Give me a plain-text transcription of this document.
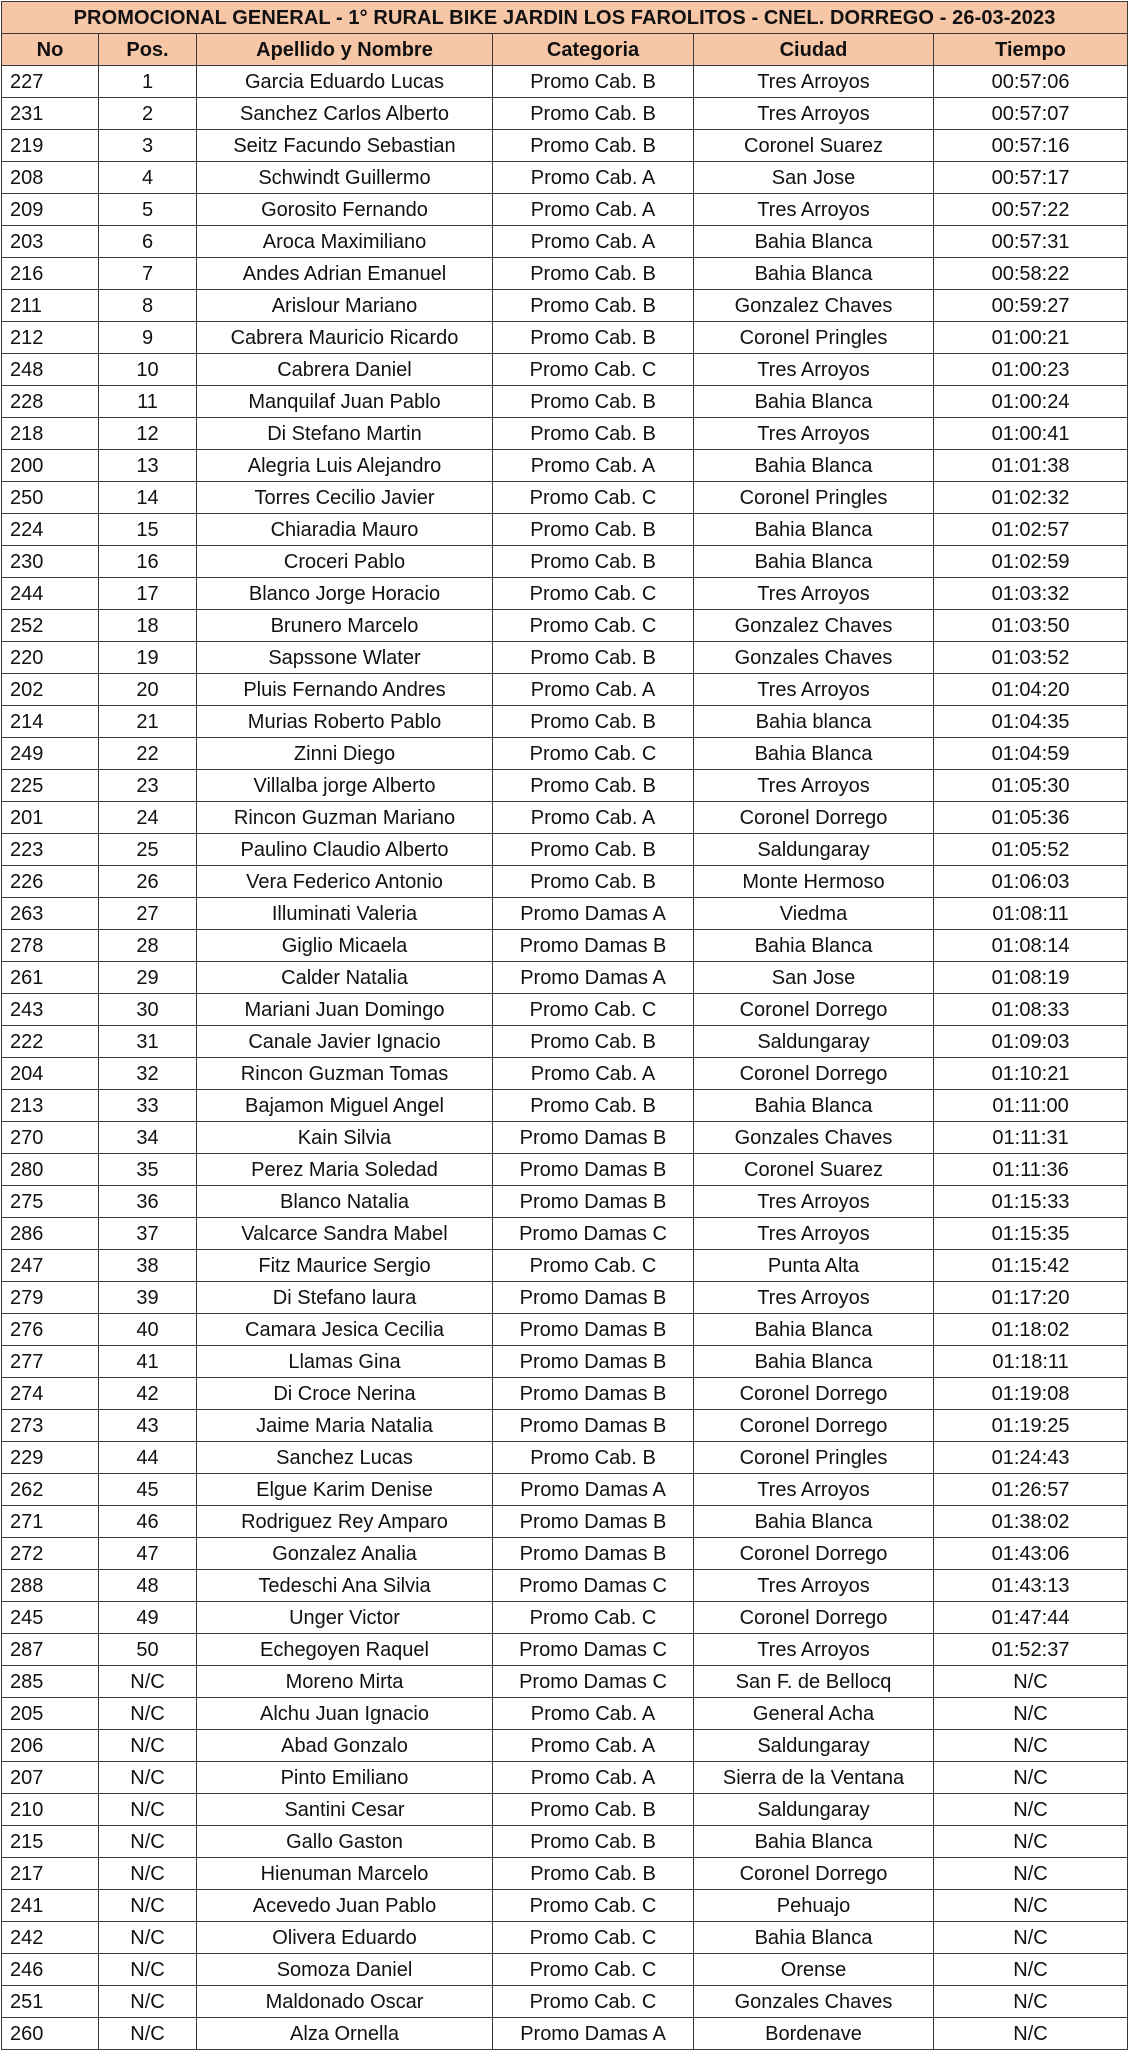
PROMOCIONAL GENERAL - 1° RURAL BIKE JARDIN LOS FAROLITOS - CNEL. DORREGO - 26-03-2023					
No	Pos.	Apellido y Nombre	Categoria	Ciudad	Tiempo
227	1	Garcia Eduardo Lucas	Promo Cab. B	Tres Arroyos	00:57:06
231	2	Sanchez Carlos Alberto	Promo Cab. B	Tres Arroyos	00:57:07
219	3	Seitz Facundo Sebastian	Promo Cab. B	Coronel Suarez	00:57:16
208	4	Schwindt Guillermo	Promo Cab. A	San Jose	00:57:17
209	5	Gorosito Fernando	Promo Cab. A	Tres Arroyos	00:57:22
203	6	Aroca Maximiliano	Promo Cab. A	Bahia Blanca	00:57:31
216	7	Andes Adrian Emanuel	Promo Cab. B	Bahia Blanca	00:58:22
211	8	Arislour Mariano	Promo Cab. B	Gonzalez Chaves	00:59:27
212	9	Cabrera Mauricio Ricardo	Promo Cab. B	Coronel Pringles	01:00:21
248	10	Cabrera Daniel	Promo Cab. C	Tres Arroyos	01:00:23
228	11	Manquilaf Juan Pablo	Promo Cab. B	Bahia Blanca	01:00:24
218	12	Di Stefano Martin	Promo Cab. B	Tres Arroyos	01:00:41
200	13	Alegria Luis Alejandro	Promo Cab. A	Bahia Blanca	01:01:38
250	14	Torres Cecilio Javier	Promo Cab. C	Coronel Pringles	01:02:32
224	15	Chiaradia Mauro	Promo Cab. B	Bahia Blanca	01:02:57
230	16	Croceri Pablo	Promo Cab. B	Bahia Blanca	01:02:59
244	17	Blanco Jorge Horacio	Promo Cab. C	Tres Arroyos	01:03:32
252	18	Brunero Marcelo	Promo Cab. C	Gonzalez Chaves	01:03:50
220	19	Sapssone Wlater	Promo Cab. B	Gonzales Chaves	01:03:52
202	20	Pluis Fernando Andres	Promo Cab. A	Tres Arroyos	01:04:20
214	21	Murias Roberto Pablo	Promo Cab. B	Bahia blanca	01:04:35
249	22	Zinni Diego	Promo Cab. C	Bahia Blanca	01:04:59
225	23	Villalba jorge Alberto	Promo Cab. B	Tres Arroyos	01:05:30
201	24	Rincon Guzman Mariano	Promo Cab. A	Coronel Dorrego	01:05:36
223	25	Paulino Claudio Alberto	Promo Cab. B	Saldungaray	01:05:52
226	26	Vera Federico Antonio	Promo Cab. B	Monte Hermoso	01:06:03
263	27	Illuminati Valeria	Promo Damas A	Viedma	01:08:11
278	28	Giglio Micaela	Promo Damas B	Bahia Blanca	01:08:14
261	29	Calder Natalia	Promo Damas A	San Jose	01:08:19
243	30	Mariani Juan Domingo	Promo Cab. C	Coronel Dorrego	01:08:33
222	31	Canale Javier Ignacio	Promo Cab. B	Saldungaray	01:09:03
204	32	Rincon Guzman Tomas	Promo Cab. A	Coronel Dorrego	01:10:21
213	33	Bajamon Miguel Angel	Promo Cab. B	Bahia Blanca	01:11:00
270	34	Kain Silvia	Promo Damas B	Gonzales Chaves	01:11:31
280	35	Perez Maria Soledad	Promo Damas B	Coronel Suarez	01:11:36
275	36	Blanco Natalia	Promo Damas B	Tres Arroyos	01:15:33
286	37	Valcarce Sandra Mabel	Promo Damas C	Tres Arroyos	01:15:35
247	38	Fitz Maurice Sergio	Promo Cab. C	Punta Alta	01:15:42
279	39	Di Stefano laura	Promo Damas B	Tres Arroyos	01:17:20
276	40	Camara Jesica Cecilia	Promo Damas B	Bahia Blanca	01:18:02
277	41	Llamas Gina	Promo Damas B	Bahia Blanca	01:18:11
274	42	Di Croce Nerina	Promo Damas B	Coronel Dorrego	01:19:08
273	43	Jaime Maria Natalia	Promo Damas B	Coronel Dorrego	01:19:25
229	44	Sanchez Lucas	Promo Cab. B	Coronel Pringles	01:24:43
262	45	Elgue Karim Denise	Promo Damas A	Tres Arroyos	01:26:57
271	46	Rodriguez Rey Amparo	Promo Damas B	Bahia Blanca	01:38:02
272	47	Gonzalez Analia	Promo Damas B	Coronel Dorrego	01:43:06
288	48	Tedeschi Ana Silvia	Promo Damas C	Tres Arroyos	01:43:13
245	49	Unger Victor	Promo Cab. C	Coronel Dorrego	01:47:44
287	50	Echegoyen Raquel	Promo Damas C	Tres Arroyos	01:52:37
285	N/C	Moreno Mirta	Promo Damas C	San F. de Bellocq	N/C
205	N/C	Alchu Juan Ignacio	Promo Cab. A	General Acha	N/C
206	N/C	Abad Gonzalo	Promo Cab. A	Saldungaray	N/C
207	N/C	Pinto Emiliano	Promo Cab. A	Sierra de la Ventana	N/C
210	N/C	Santini Cesar	Promo Cab. B	Saldungaray	N/C
215	N/C	Gallo Gaston	Promo Cab. B	Bahia Blanca	N/C
217	N/C	Hienuman Marcelo	Promo Cab. B	Coronel Dorrego	N/C
241	N/C	Acevedo Juan Pablo	Promo Cab. C	Pehuajo	N/C
242	N/C	Olivera Eduardo	Promo Cab. C	Bahia Blanca	N/C
246	N/C	Somoza Daniel	Promo Cab. C	Orense	N/C
251	N/C	Maldonado Oscar	Promo Cab. C	Gonzales Chaves	N/C
260	N/C	Alza Ornella	Promo Damas A	Bordenave	N/C
